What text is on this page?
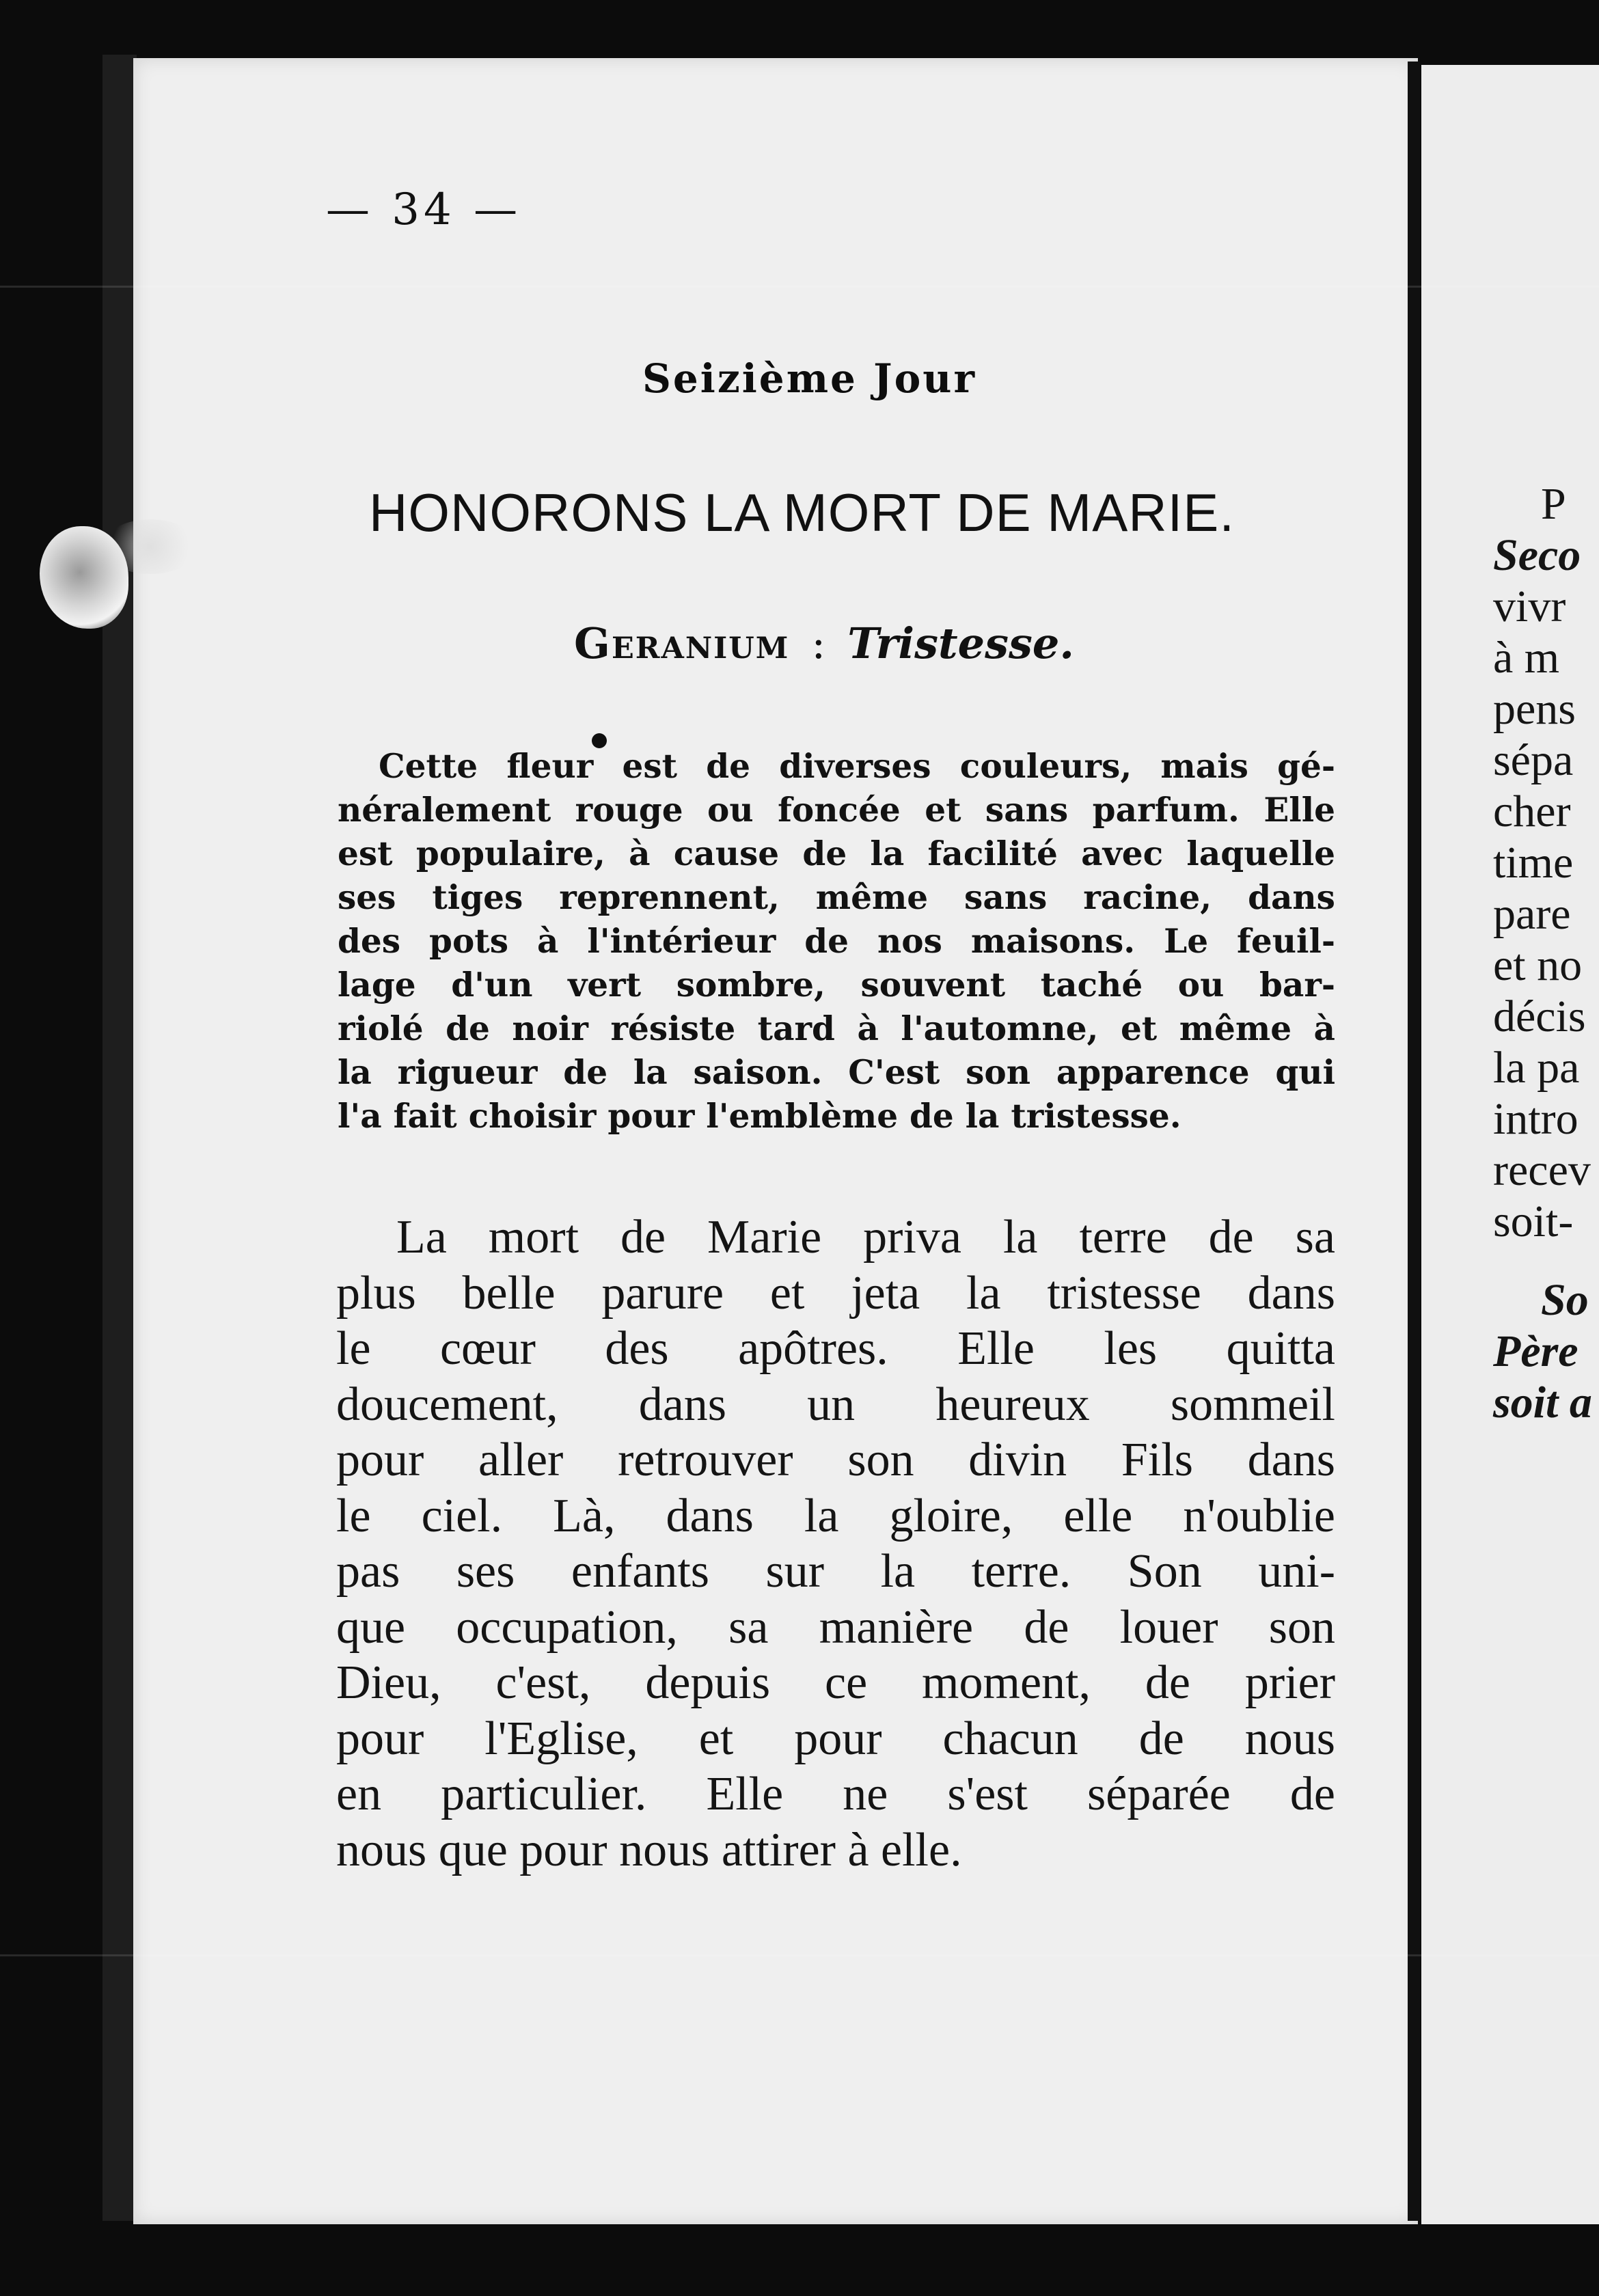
— 34 —
Seizième Jour
HONORONS LA MORT DE MARIE.
Geranium : Tristesse.
Cette fleur est de diverses couleurs, mais gé-
néralement rouge ou foncée et sans parfum. Elle
est populaire, à cause de la facilité avec laquelle
ses tiges reprennent, même sans racine, dans
des pots à l'intérieur de nos maisons. Le feuil-
lage d'un vert sombre, souvent taché ou bar-
riolé de noir résiste tard à l'automne, et même à
la rigueur de la saison. C'est son apparence qui
l'a fait choisir pour l'emblème de la tristesse.
La mort de Marie priva la terre de sa
plus belle parure et jeta la tristesse dans
le cœur des apôtres. Elle les quitta
doucement, dans un heureux sommeil
pour aller retrouver son divin Fils dans
le ciel. Là, dans la gloire, elle n'oublie
pas ses enfants sur la terre. Son uni-
que occupation, sa manière de louer son
Dieu, c'est, depuis ce moment, de prier
pour l'Eglise, et pour chacun de nous
en particulier. Elle ne s'est séparée de
nous que pour nous attirer à elle.
P
Seco
vivr
à m
pens
sépa
cher
time
pare
et no
décis
la pa
intro
recev
soit-
So
Père
soit a
